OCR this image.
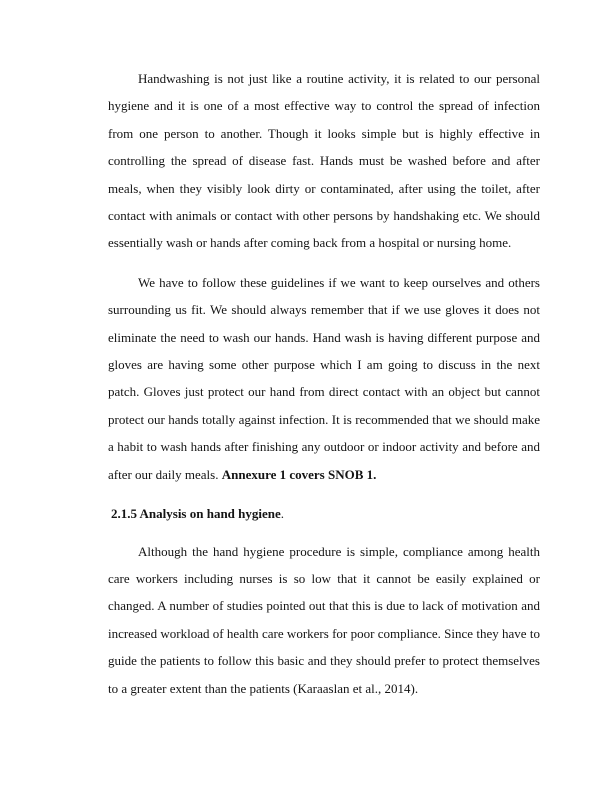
Handwashing is not just like a routine activity, it is related to our personal hygiene and it is one of a most effective way to control the spread of infection from one person to another. Though it looks simple but is highly effective in controlling the spread of disease fast. Hands must be washed before and after meals, when they visibly look dirty or contaminated, after using the toilet, after contact with animals or contact with other persons by handshaking etc. We should essentially wash or hands after coming back from a hospital or nursing home.

We have to follow these guidelines if we want to keep ourselves and others surrounding us fit. We should always remember that if we use gloves it does not eliminate the need to wash our hands. Hand wash is having different purpose and gloves are having some other purpose which I am going to discuss in the next patch. Gloves just protect our hand from direct contact with an object but cannot protect our hands totally against infection. It is recommended that we should make a habit to wash hands after finishing any outdoor or indoor activity and before and after our daily meals. Annexure 1 covers SNOB 1.

2.1.5 Analysis on hand hygiene.

Although the hand hygiene procedure is simple, compliance among health care workers including nurses is so low that it cannot be easily explained or changed. A number of studies pointed out that this is due to lack of motivation and increased workload of health care workers for poor compliance. Since they have to guide the patients to follow this basic and they should prefer to protect themselves to a greater extent than the patients (Karaaslan et al., 2014).
